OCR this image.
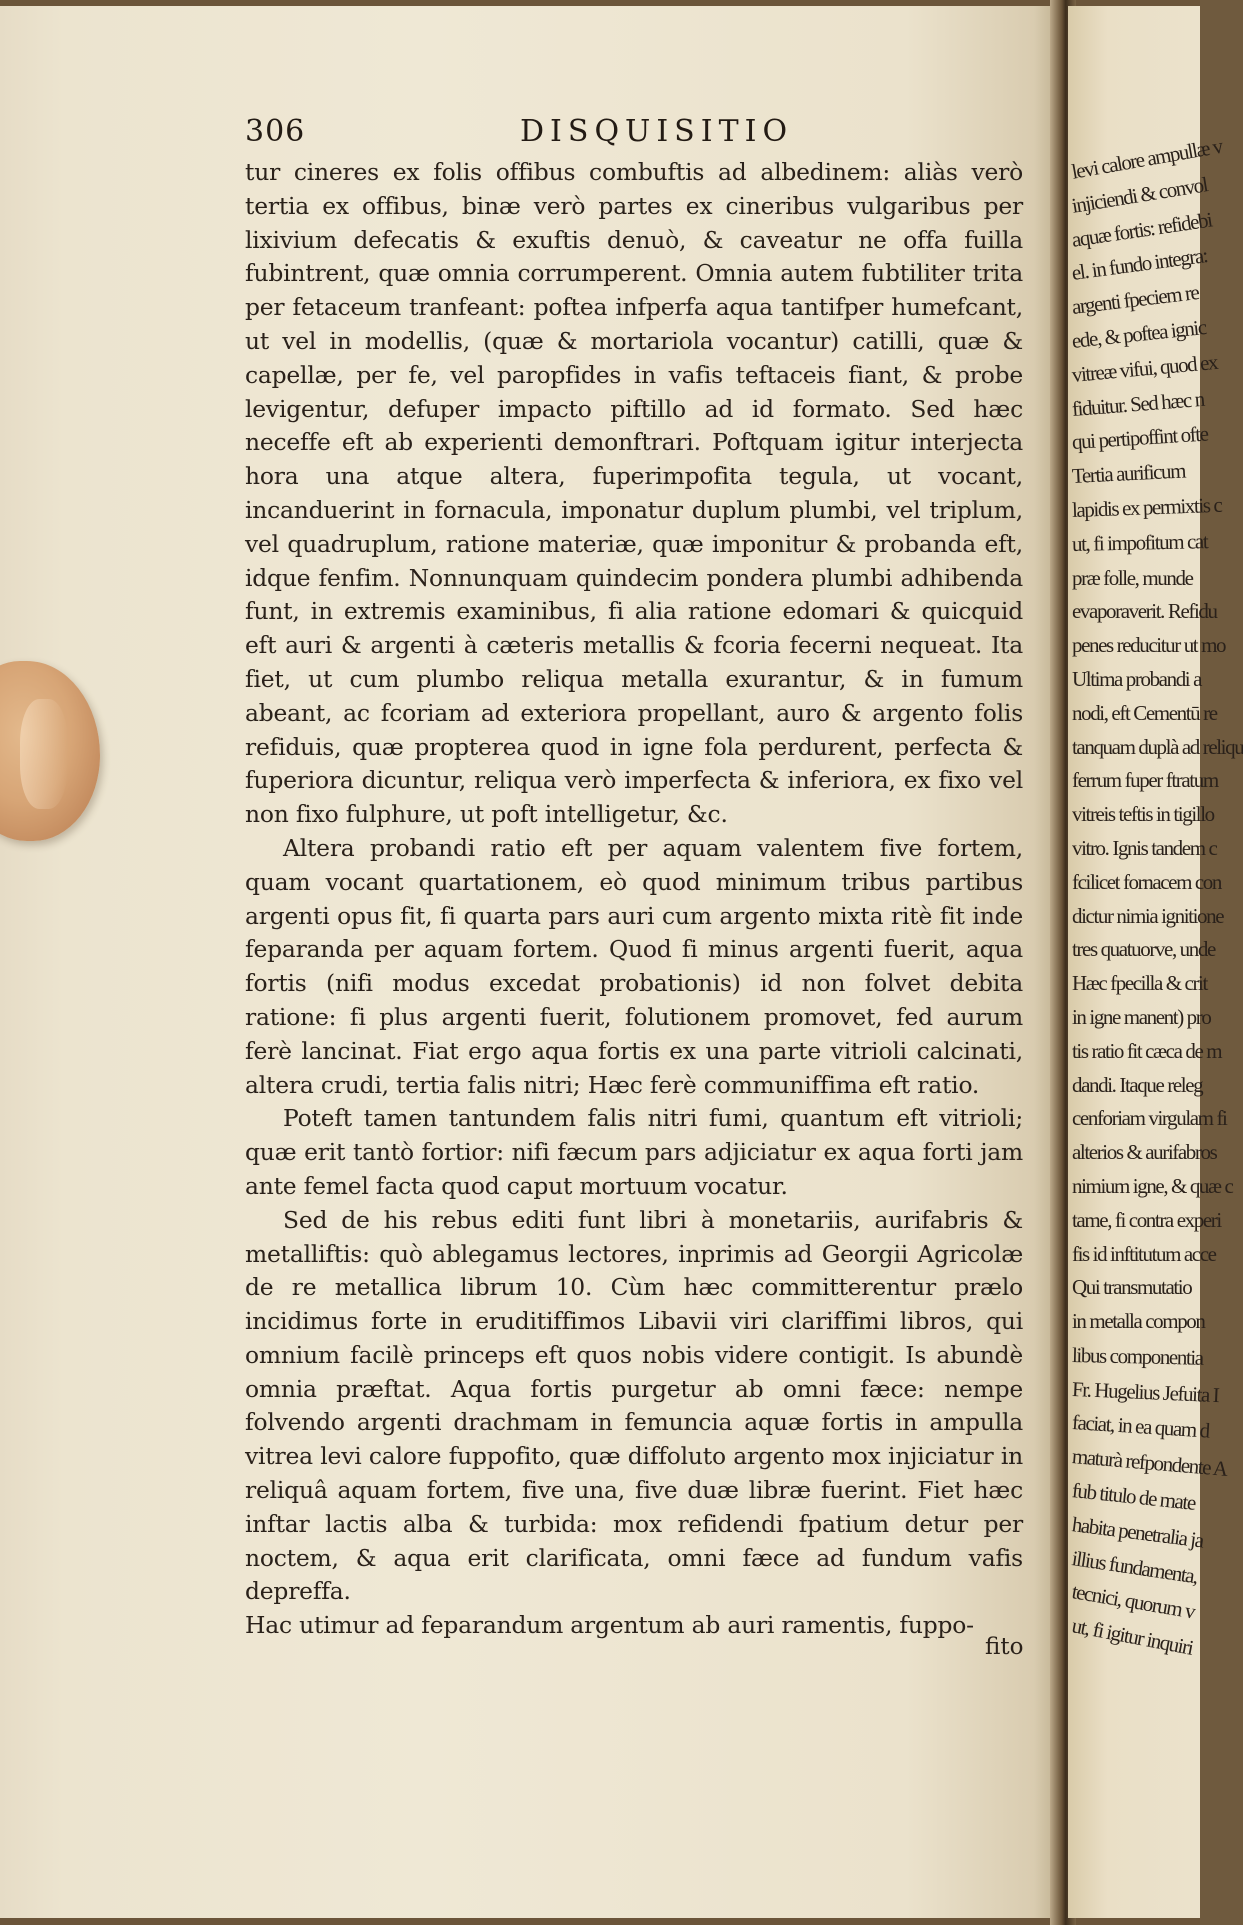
306	DISQUISITIO

tur cineres ex folis offibus combuftis ad albedinem: aliàs verò tertia ex offibus, binæ verò partes ex cineribus vulgaribus per lixivium defecatis & exuftis denuò, & caveatur ne offa fuilla fubintrent, quæ omnia corrumperent. Omnia autem fubtiliter trita per fetaceum tranfeant: poftea infperfa aqua tantifper humefcant, ut vel in modellis, (quæ & mortariola vocantur) catilli, quæ & capellæ, per fe, vel paropfides in vafis teftaceis fiant, & probe levigentur, defuper impacto piftillo ad id formato. Sed hæc neceffe eft ab experienti demonftrari. Poftquam igitur interjecta hora una atque altera, fuperimpofita tegula, ut vocant, incanduerint in fornacula, imponatur duplum plumbi, vel triplum, vel quadruplum, ratione materiæ, quæ imponitur & probanda eft, idque fenfim. Nonnunquam quindecim pondera plumbi adhibenda funt, in extremis examinibus, fi alia ratione edomari & quicquid eft auri & argenti à cæteris metallis & fcoria fecerni nequeat. Ita fiet, ut cum plumbo reliqua metalla exurantur, & in fumum abeant, ac fcoriam ad exteriora propellant, auro & argento folis refiduis, quæ propterea quod in igne fola perdurent, perfecta & fuperiora dicuntur, reliqua verò imperfecta & inferiora, ex fixo vel non fixo fulphure, ut poft intelligetur, &c.

Altera probandi ratio eft per aquam valentem five fortem, quam vocant quartationem, eò quod minimum tribus partibus argenti opus fit, fi quarta pars auri cum argento mixta ritè fit inde feparanda per aquam fortem. Quod fi minus argenti fuerit, aqua fortis (nifi modus excedat probationis) id non folvet debita ratione: fi plus argenti fuerit, folutionem promovet, fed aurum ferè lancinat. Fiat ergo aqua fortis ex una parte vitrioli calcinati, altera crudi, tertia falis nitri; Hæc ferè communiffima eft ratio.

Poteft tamen tantundem falis nitri fumi, quantum eft vitrioli; quæ erit tantò fortior: nifi fæcum pars adjiciatur ex aqua forti jam ante femel facta quod caput mortuum vocatur.

Sed de his rebus editi funt libri à monetariis, aurifabris & metalliftis: quò ablegamus lectores, inprimis ad Georgii Agricolæ de re metallica librum 10. Cùm hæc committerentur prælo incidimus forte in eruditiffimos Libavii viri clariffimi libros, qui omnium facilè princeps eft quos nobis videre contigit. Is abundè omnia præftat. Aqua fortis purgetur ab omni fæce: nempe folvendo argenti drachmam in femuncia aquæ fortis in ampulla vitrea levi calore fuppofito, quæ diffoluto argento mox injiciatur in reliquâ aquam fortem, five una, five duæ libræ fuerint. Fiet hæc inftar lactis alba & turbida: mox refidendi fpatium detur per noctem, & aqua erit clarificata, omni fæce ad fundum vafis depreffa.

Hac utimur ad feparandum argentum ab auri ramentis, fuppo-

fito
levi calore ampullæ v
injiciendi & convol
aquæ fortis: refidebi
el. in fundo integra:
argenti fpeciem re
ede, & poftea ignic
vitreæ vifui, quod ex
fiduitur. Sed hæc n
qui pertipoffint ofte
Tertia aurificum
lapidis ex permixtis c
ut, fi impofitum cat
præ folle, munde
evaporaverit. Refidu
penes reducitur ut mo
Ultima probandi a
nodi, eft Cementū re
tanquam duplà ad reliqu
ferrum fuper ftratum
vitreis teftis in tigillo
vitro. Ignis tandem c
fcilicet fornacem con
dictur nimia ignitione
tres quatuorve, unde
Hæc fpecilla & crit
in igne manent) pro
tis ratio fit cæca de m
dandi. Itaque releg
cenforiam virgulam fi
alterios & aurifabros
nimium igne, & quæ c
tame, fi contra experi
fis id inftitutum acce
Qui transmutatio
in metalla compon
libus componentia
Fr. Hugelius Jefuita I
faciat, in ea quam d
maturà refpondente A
fub titulo de mate
habita penetralia ja
illius fundamenta,
tecnici, quorum v
ut, fi igitur inquiri
